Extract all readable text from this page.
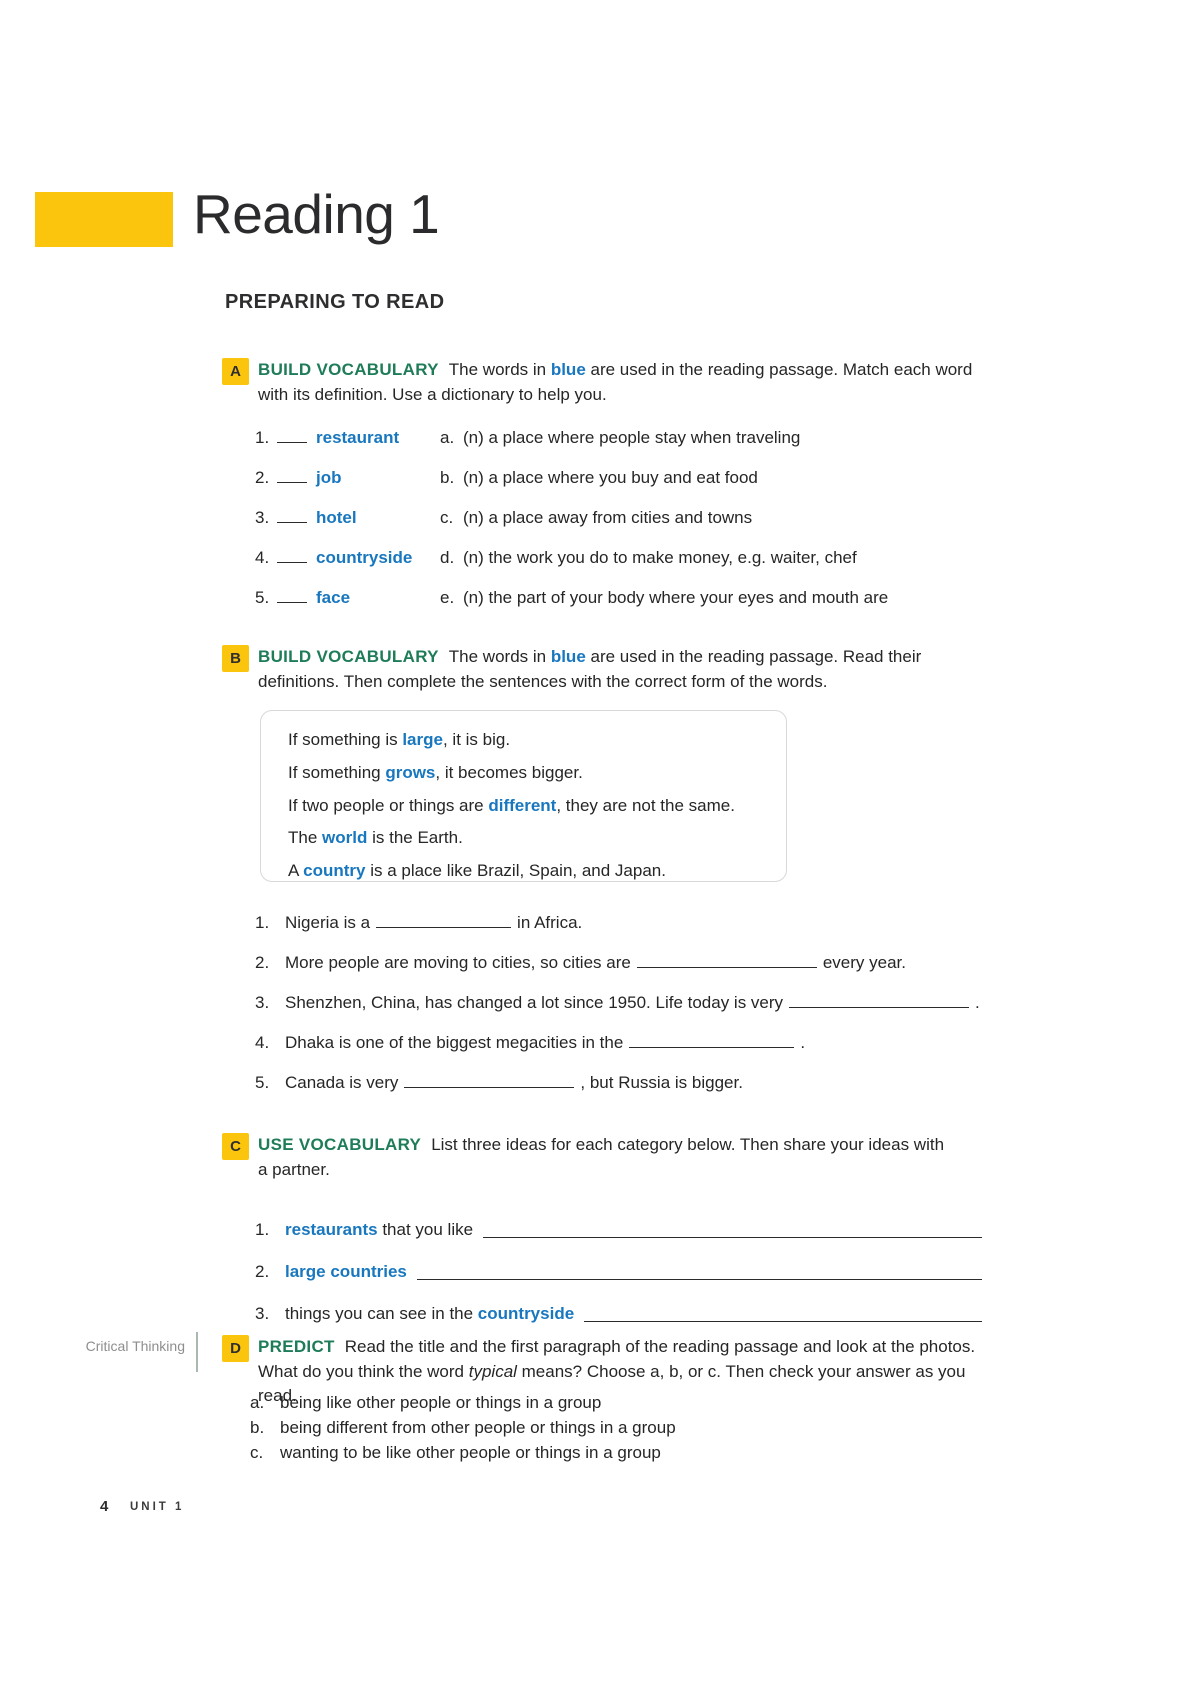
Reading 1
PREPARING TO READ
A	BUILD VOCABULARY The words in blue are used in the reading passage. Match each word
with its definition. Use a dictionary to help you.
1.	restaurant	a. (n) a place where people stay when traveling
2.	job	b. (n) a place where you buy and eat food
3.	hotel	c. (n) a place away from cities and towns
4.	countryside	d. (n) the work you do to make money, e.g. waiter, chef
5.	face	e. (n) the part of your body where your eyes and mouth are
B	BUILD VOCABULARY The words in blue are used in the reading passage. Read their
definitions. Then complete the sentences with the correct form of the words.
If something is large, it is big.
If something grows, it becomes bigger.
If two people or things are different, they are not the same.
The world is the Earth.
A country is a place like Brazil, Spain, and Japan.
1. Nigeria is a	in Africa.
2. More people are moving to cities, so cities are	every year.
3. Shenzhen, China, has changed a lot since 1950. Life today is very	.
4. Dhaka is one of the biggest megacities in the	.
5. Canada is very	, but Russia is bigger.
C	USE VOCABULARY List three ideas for each category below. Then share your ideas with
a partner.
1. restaurants that you like
2. large countries
3. things you can see in the countryside
Critical Thinking	D	PREDICT Read the title and the first paragraph of the reading passage and look at the photos.
What do you think the word typical means? Choose a, b, or c. Then check your answer as you read.
a. being like other people or things in a group
b. being different from other people or things in a group
c. wanting to be like other people or things in a group
4 UNIT 1
